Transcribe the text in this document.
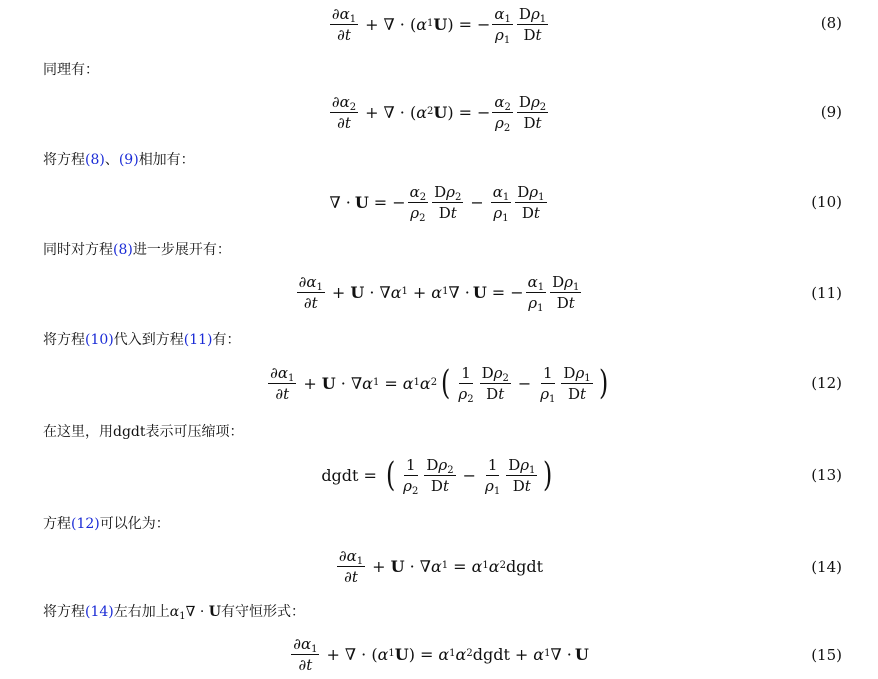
$\frac{\partial\alpha_1}{\partial t}$ + ∇ · ( α 1 U ) = − $\frac{\alpha_1}{\rho_1} \frac{D\rho_1}{Dt}$	(8)
同理有：
$\frac{\partial\alpha_2}{\partial t}$ + ∇ · ( α 2 U ) = − $\frac{\alpha_2}{\rho_2} \frac{D\rho_2}{Dt}$	(9)
将方程(8)、(9)相加有：
∇ · U = − $\frac{\alpha_2}{\rho_2} \frac{D\rho_2}{Dt} - \frac{\alpha_1}{\rho_1} \frac{D\rho_1}{Dt}$	(10)
同时对方程(8)进一步展开有：
$\frac{\partial\alpha_1}{\partial t} + U$ · ∇ α 1 + α 1 ∇ · U = − $\frac{\alpha_1}{\rho_1} \frac{D\rho_1}{Dt}$	(11)
将方程(10)代入到方程(11)有：
$\frac{\partial\alpha_1}{\partial t} + U$ · ∇ α 1 = α 1 α 2 ( $\frac{1}{\rho_2} \frac{D\rho_2}{Dt} - \frac{1}{\rho_1} \frac{D\rho_1}{Dt}$ )	(12)
在这里，用dgdt表示可压缩项：
dgdt = ( $\frac{1}{\rho_2} \frac{D\rho_2}{Dt} - \frac{1}{\rho_1} \frac{D\rho_1}{Dt}$ )	(13)
方程(12)可以化为：
$\frac{\partial\alpha_1}{\partial t} + U$ · ∇ α 1 = α 1 α 2 dgdt	(14)
将方程(14)左右加上$\alpha_1\nabla \cdot U$有守恒形式：
$\frac{\partial\alpha_1}{\partial t}$ + ∇ · ( α 1 U ) = α 1 α 2 dgdt + α 1 ∇ · U	(15)
